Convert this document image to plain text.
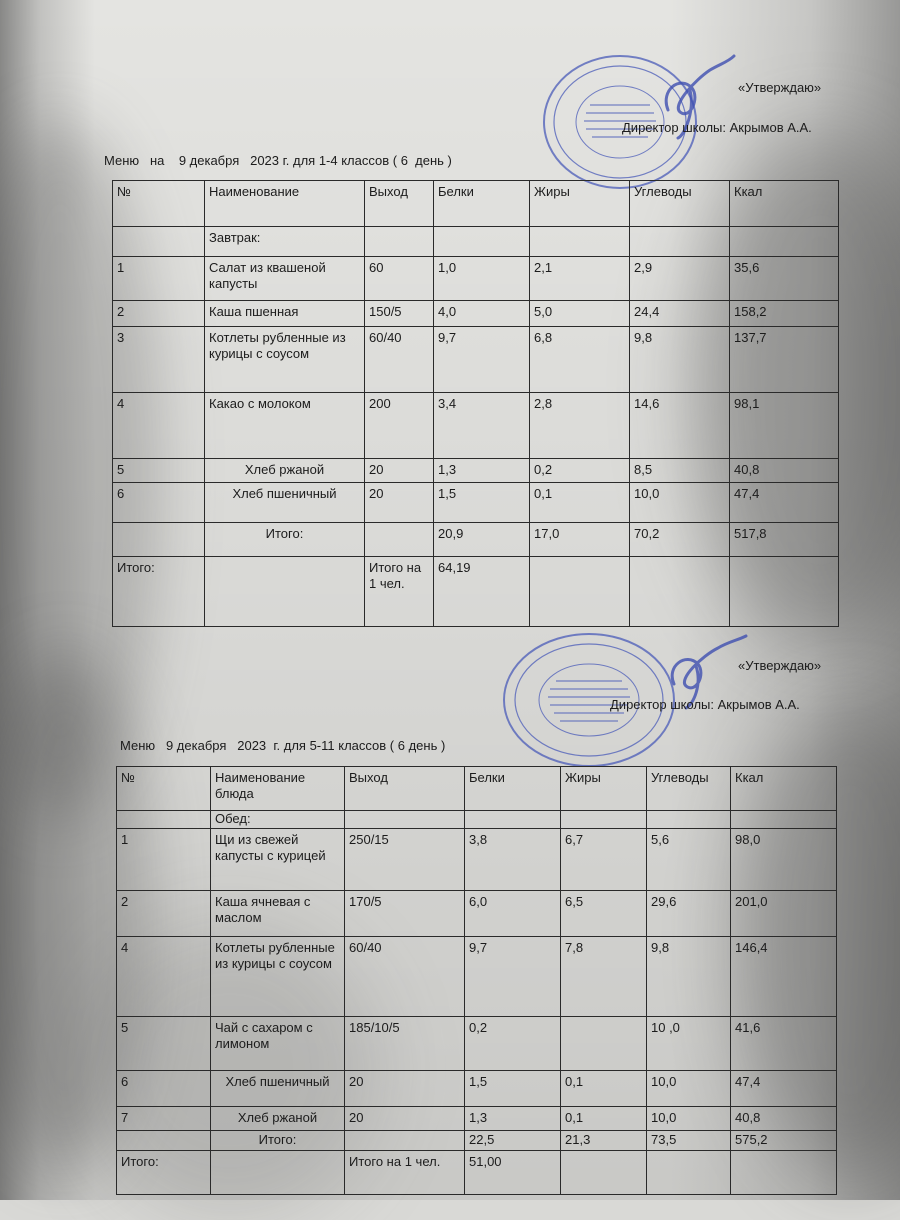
«Утверждаю»
Директор школы: Акрымов А.А.
Меню   на    9 декабря   2023 г. для 1-4 классов ( 6  день )
№	Наименование	Выход	Белки	Жиры	Углеводы	Ккал
	Завтрак:					
1	Салат из квашеной капусты	60	1,0	2,1	2,9	35,6
2	Каша пшенная	150/5	4,0	5,0	24,4	158,2
3	Котлеты рубленные из курицы с соусом	60/40	9,7	6,8	9,8	137,7
4	Какао с молоком	200	3,4	2,8	14,6	98,1
5	Хлеб ржаной	20	1,3	0,2	8,5	40,8
6	Хлеб пшеничный	20	1,5	0,1	10,0	47,4
	Итого:		20,9	17,0	70,2	517,8
Итого:		Итого на 1 чел.	64,19			
«Утверждаю»
Директор школы: Акрымов А.А.
Меню   9 декабря   2023  г. для 5-11 классов ( 6 день )
№	Наименование блюда	Выход	Белки	Жиры	Углеводы	Ккал
	Обед:					
1	Щи из свежей капусты с курицей	250/15	3,8	6,7	5,6	98,0
2	Каша ячневая с маслом	170/5	6,0	6,5	29,6	201,0
4	Котлеты рубленные из курицы с соусом	60/40	9,7	7,8	9,8	146,4
5	Чай с сахаром с лимоном	185/10/5	0,2		10 ,0	41,6
6	Хлеб пшеничный	20	1,5	0,1	10,0	47,4
7	Хлеб ржаной	20	1,3	0,1	10,0	40,8
	Итого:		22,5	21,3	73,5	575,2
Итого:		Итого на 1 чел.	51,00			
